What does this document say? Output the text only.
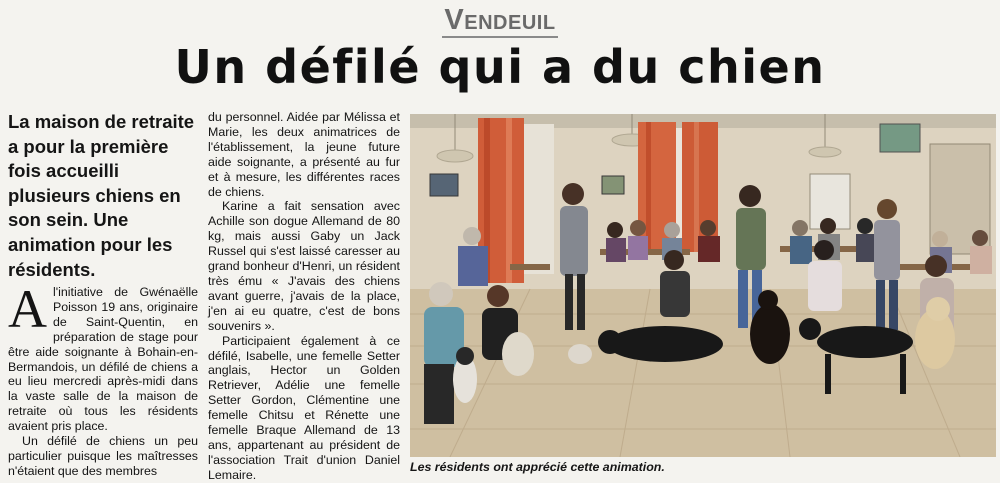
Vendeuil
Un défilé qui a du chien
La maison de retraite a pour la première fois accueilli plusieurs chiens en son sein. Une animation pour les résidents.

A l'initiative de Gwénaëlle Poisson 19 ans, originaire de Saint-Quentin, en préparation de stage pour être aide soignante à Bohain-en-Bermandois, un défilé de chiens a eu lieu mercredi après-midi dans la vaste salle de la maison de retraite où tous les résidents avaient pris place.

Un défilé de chiens un peu particulier puisque les maîtresses n'étaient que des membres

du personnel. Aidée par Mélissa et Marie, les deux animatrices de l'établissement, la jeune future aide soignante, a présenté au fur et à mesure, les différentes races de chiens.

Karine a fait sensation avec Achille son dogue Allemand de 80 kg, mais aussi Gaby un Jack Russel qui s'est laissé caresser au grand bonheur d'Henri, un résident très ému « J'avais des chiens avant guerre, j'avais de la place, j'en ai eu quatre, c'est de bons souvenirs ».

Participaient également à ce défilé, Isabelle, une femelle Setter anglais, Hector un Golden Retriever, Adélie une femelle Setter Gordon, Clémentine une femelle Chitsu et Rénette une femelle Braque Allemand de 13 ans, appartenant au président de l'association Trait d'union Daniel Lemaire.

Les résidents ont apprécié cette animation.
